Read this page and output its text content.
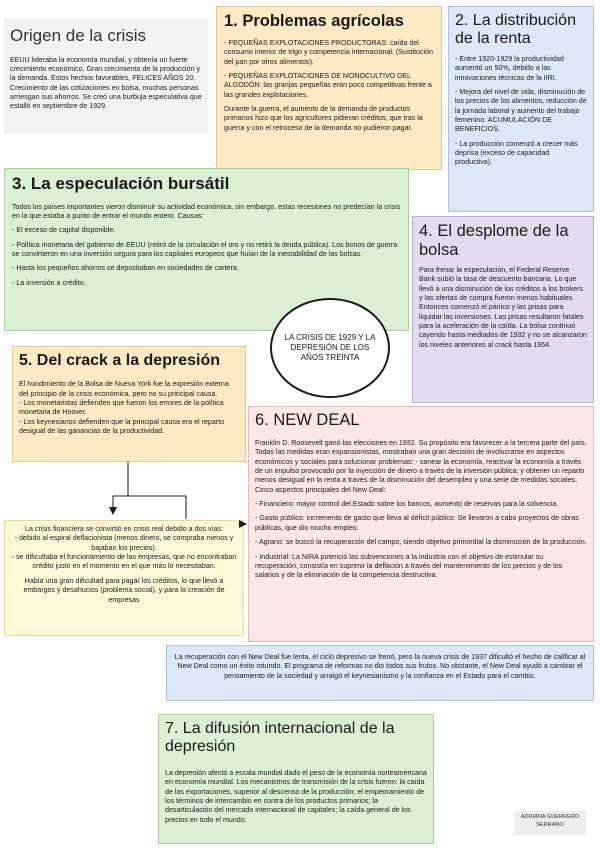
Origen de la crisis

EEUU lideraba la economía mundial, y obtenía un fuerte crecimiento económico. Gran crecimiento de la producción y la demanda. Estos hechos favorables, FELICES AÑOS 20. Crecimiento de las cotizaciones en bolsa, muchas personas arriesgan sus ahorros. Se creó una burbuja especulativa que estalló en septiembre de 1929.

1. Problemas agrícolas

- PEQUEÑAS EXPLOTACIONES PRODUCTORAS: caída del consumo interior de trigo y competencia internacional. (Sustitución del pan por otros alimentos).

- PEQUEÑAS EXPLOTACIONES DE MONOCULTIVO DEL ALGODÓN: las granjas pequeñas eran poco competitivas frente a las grandes explotaciones.

Durante la guerra, el aumento de la demanda de productos primarios hizo que los agricultores pidieran créditos, que tras la guerra y con el retroceso de la demanda no pudieron pagar.

2. La distribución de la renta

- Entre 1920-1929 la productividad aumentó un 50%, debido a las innovaciones técnicas de la IIRI.

- Mejora del nivel de vida, disminución de los precios de los alimentos, reducción de la jornada laboral y aumento del trabajo femenino. ACUMULACIÓN DE BENEFICIOS.

- La producción comenzó a crecer más deprisa (exceso de capacidad productiva).

3. La especulación bursátil

Todos los países importantes vieron disminuir su actividad económica, sin embargo, estas recesiones no predecían la crisis en la que estaba a punto de entrar el mundo entero. Causas:

- El exceso de capital disponible.

- Política monetaria del gobierno de EEUU (retiró de la circulación el oro y no retiró la deuda pública). Los bonos de guerra se convirtieron en una inversión segura para los capitales europeos que huían de la inestabilidad de las bolsas.

- Hasta los pequeños ahorros se depositaban en sociedades de cartera.

- La inversión a crédito.

4. El desplome de la bolsa

Para frenar la especulación, el Federal Reserve Bank subió la tasa de descuento bancaria. Lo que llevó a una disminución de los créditos a los brokers y las ofertas de compra fueron menos habituales. Entonces comenzó el pánico y las prisas para liquidar las inversiones. Las prisas resultaron fatales para la aceleración de la caída. La bolsa continuó cayendo hasta mediados de 1932 y no se alcanzaron los niveles anteriores al crack hasta 1954.

LA CRISIS DE 1929 Y LA DEPRESIÓN DE LOS AÑOS TREINTA
5. Del crack a la depresión

El hundimiento de la Bolsa de Nueva York fue la expresión externa del principio de la crisis económica, pero no su principal causa.

- Los monetaristas defienden que fueron los errores de la política monetaria de Hoover.

- Los keynesianos defienden que la principal causa era el reparto desigual de las ganancias de la productividad.

La crisis financiera se convirtió en crisis real debido a dos vías:

- debido al espiral deflacionista (menos dinero, se compraba menos y bajaban los precios).

- se dificultaba el funcionamiento de las empresas, que no encontraban crédito justo en el momento en el que más lo necesitaban.

Había una gran dificultad para pagar los créditos, lo que llevó a embargos y desahucios (problema social), y para la creación de empresas

6. NEW DEAL

Franklin D. Roosevelt ganó las elecciones en 1932. Su propósito era favorecer a la tercera parte del país. Todas las medidas eran expansionistas, mostraban una gran decisión de involucrarse en aspectos económicos y sociales para solucionar problemas: - sanear la economía, reactivar la economía a través de un impulso provocado por la inyección de dinero a través de la inversión pública; y obtener un reparto menos desigual en la renta a través de la disminución del desempleo y una serie de medidas sociales. Cinco aspectos principales del New Deal:

- Financiero: mayor control del Estado sobre los bancos, aumento de reservas para la solvencia.

- Gasto público: incremento de gasto que lleva al déficit público. Se llevaron a cabo proyectos de obras públicas, que dio mucho empleo.

- Agrario: se buscó la recuperación del campo, siendo objetivo primordial la disminución de la producción.

- Industrial: La NIRA potenció las subvenciones a la industria con el objetivo de estimular su recuperación, consistía en suprimir la deflación a través del mantenimiento de los precios y de los salarios y de la eliminación de la competencia destructiva.

La recuperación con el New Deal fue lenta, el ciclo depresivo se frenó, pero la nueva crisis de 1937 dificultó el hecho de calificar al New Deal como un éxito rotundo. El programa de reformas no dio todos sus frutos. No obstante, el New Deal ayudó a cambiar el pensamiento de la sociedad y arraigó el keynesianismo y la confianza en el Estado para el cambio.

7. La difusión internacional de la depresión

La depresión afectó a escala mundial dado el peso de la economía norteamericana en economía mundial. Los mecanismos de transmisión de la crisis fueron: la caída de las exportaciones, superior al descenso de la producción; el empeoramiento de los términos de intercambio en contra de los productos primarios; la desarticulación del mercado internacional de capitales; la caída general de los precios en todo el mundo.	ADRIANA GUERRERO
SERRANO
